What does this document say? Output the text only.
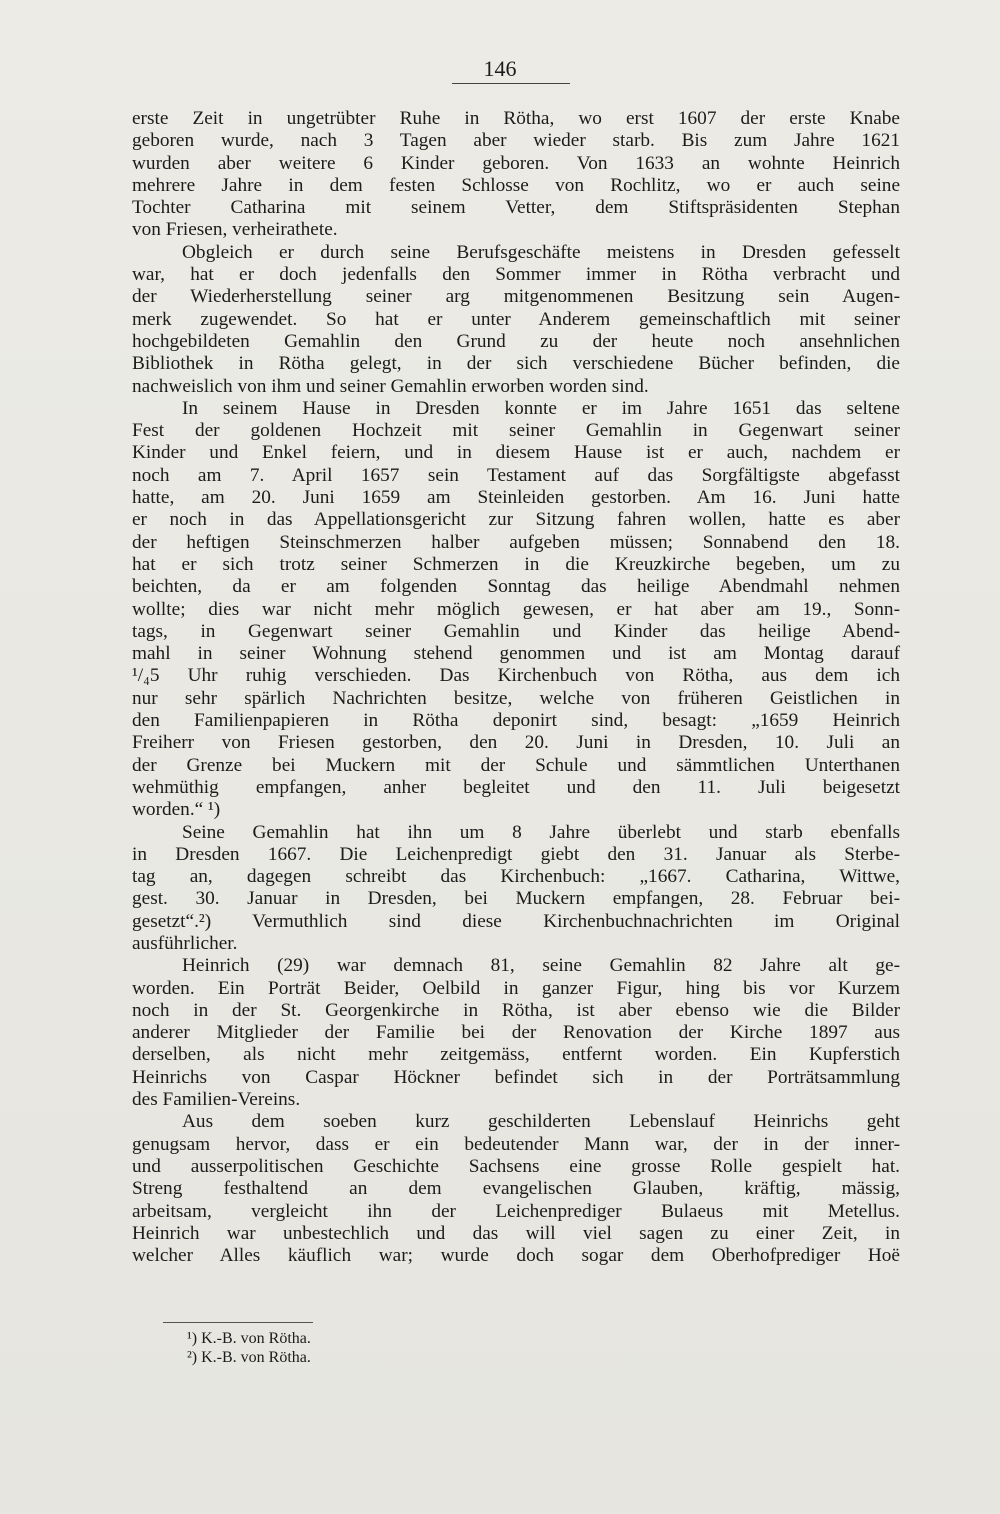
146
erste Zeit in ungetrübter Ruhe in Rötha, wo erst 1607 der erste Knabe
geboren wurde, nach 3 Tagen aber wieder starb. Bis zum Jahre 1621
wurden aber weitere 6 Kinder geboren. Von 1633 an wohnte Heinrich
mehrere Jahre in dem festen Schlosse von Rochlitz, wo er auch seine
Tochter Catharina mit seinem Vetter, dem Stiftspräsidenten Stephan
von Friesen, verheirathete.
Obgleich er durch seine Berufsgeschäfte meistens in Dresden gefesselt
war, hat er doch jedenfalls den Sommer immer in Rötha verbracht und
der Wiederherstellung seiner arg mitgenommenen Besitzung sein Augen-
merk zugewendet. So hat er unter Anderem gemeinschaftlich mit seiner
hochgebildeten Gemahlin den Grund zu der heute noch ansehnlichen
Bibliothek in Rötha gelegt, in der sich verschiedene Bücher befinden, die
nachweislich von ihm und seiner Gemahlin erworben worden sind.
In seinem Hause in Dresden konnte er im Jahre 1651 das seltene
Fest der goldenen Hochzeit mit seiner Gemahlin in Gegenwart seiner
Kinder und Enkel feiern, und in diesem Hause ist er auch, nachdem er
noch am 7. April 1657 sein Testament auf das Sorgfältigste abgefasst
hatte, am 20. Juni 1659 am Steinleiden gestorben. Am 16. Juni hatte
er noch in das Appellationsgericht zur Sitzung fahren wollen, hatte es aber
der heftigen Steinschmerzen halber aufgeben müssen; Sonnabend den 18.
hat er sich trotz seiner Schmerzen in die Kreuzkirche begeben, um zu
beichten, da er am folgenden Sonntag das heilige Abendmahl nehmen
wollte; dies war nicht mehr möglich gewesen, er hat aber am 19., Sonn-
tags, in Gegenwart seiner Gemahlin und Kinder das heilige Abend-
mahl in seiner Wohnung stehend genommen und ist am Montag darauf
¹/₄5 Uhr ruhig verschieden. Das Kirchenbuch von Rötha, aus dem ich
nur sehr spärlich Nachrichten besitze, welche von früheren Geistlichen in
den Familienpapieren in Rötha deponirt sind, besagt: „1659 Heinrich
Freiherr von Friesen gestorben, den 20. Juni in Dresden, 10. Juli an
der Grenze bei Muckern mit der Schule und sämmtlichen Unterthanen
wehmüthig empfangen, anher begleitet und den 11. Juli beigesetzt
worden.“ ¹)
Seine Gemahlin hat ihn um 8 Jahre überlebt und starb ebenfalls
in Dresden 1667. Die Leichenpredigt giebt den 31. Januar als Sterbe-
tag an, dagegen schreibt das Kirchenbuch: „1667. Catharina, Wittwe,
gest. 30. Januar in Dresden, bei Muckern empfangen, 28. Februar bei-
gesetzt“.²) Vermuthlich sind diese Kirchenbuchnachrichten im Original
ausführlicher.
Heinrich (29) war demnach 81, seine Gemahlin 82 Jahre alt ge-
worden. Ein Porträt Beider, Oelbild in ganzer Figur, hing bis vor Kurzem
noch in der St. Georgenkirche in Rötha, ist aber ebenso wie die Bilder
anderer Mitglieder der Familie bei der Renovation der Kirche 1897 aus
derselben, als nicht mehr zeitgemäss, entfernt worden. Ein Kupferstich
Heinrichs von Caspar Höckner befindet sich in der Porträtsammlung
des Familien-Vereins.
Aus dem soeben kurz geschilderten Lebenslauf Heinrichs geht
genugsam hervor, dass er ein bedeutender Mann war, der in der inner-
und ausserpolitischen Geschichte Sachsens eine grosse Rolle gespielt hat.
Streng festhaltend an dem evangelischen Glauben, kräftig, mässig,
arbeitsam, vergleicht ihn der Leichenprediger Bulaeus mit Metellus.
Heinrich war unbestechlich und das will viel sagen zu einer Zeit, in
welcher Alles käuflich war; wurde doch sogar dem Oberhofprediger Hoë
¹) K.-B. von Rötha.
²) K.-B. von Rötha.
